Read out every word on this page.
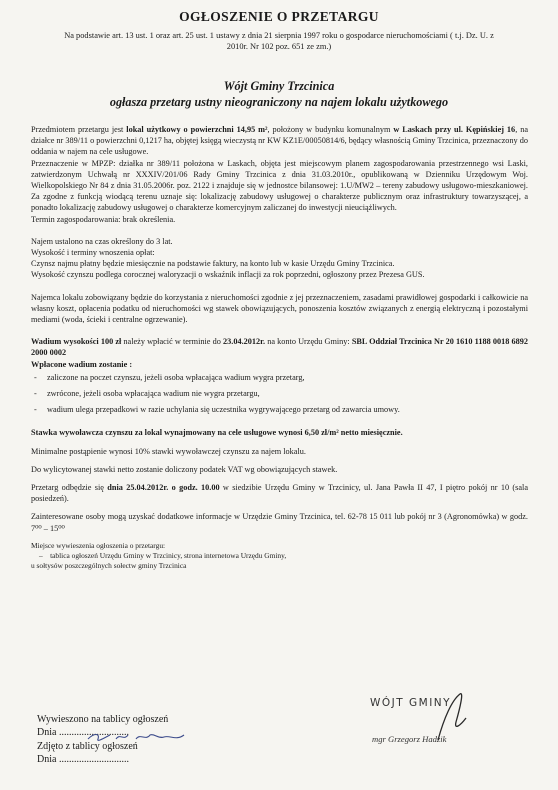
OGŁOSZENIE O PRZETARGU
Na podstawie art. 13 ust. 1 oraz art. 25 ust. 1 ustawy z dnia 21 sierpnia 1997 roku o gospodarce nieruchomościami ( t.j. Dz. U. z 2010r. Nr 102 poz. 651 ze zm.)
Wójt Gminy Trzcinica
ogłasza przetarg ustny nieograniczony na najem lokalu użytkowego

Przedmiotem przetargu jest lokal użytkowy o powierzchni 14,95 m², położony w budynku komunalnym w Laskach przy ul. Kępińskiej 16, na działce nr 389/11 o powierzchni 0,1217 ha, objętej księgą wieczystą nr KW KZ1E/00050814/6, będący własnością Gminy Trzcinica, przeznaczony do oddania w najem na cele usługowe.

Przeznaczenie w MPZP: działka nr 389/11 położona w Laskach, objęta jest miejscowym planem zagospodarowania przestrzennego wsi Laski, zatwierdzonym Uchwałą nr XXXIV/201/06 Rady Gminy Trzcinica z dnia 31.03.2010r., opublikowaną w Dzienniku Urzędowym Woj. Wielkopolskiego Nr 84 z dnia 31.05.2006r. poz. 2122 i znajduje się w jednostce bilansowej: 1.U/MW2 – tereny zabudowy usługowo-mieszkaniowej. Za zgodne z funkcją wiodącą terenu uznaje się: lokalizację zabudowy usługowej o charakterze publicznym oraz infrastruktury towarzyszącej, a ponadto lokalizację zabudowy usługowej o charakterze komercyjnym zaliczanej do inwestycji nieuciążliwych.

Termin zagospodarowania: brak określenia.

Najem ustalono na czas określony do 3 lat.

Wysokość i terminy wnoszenia opłat:

Czynsz najmu płatny będzie miesięcznie na podstawie faktury, na konto lub w kasie Urzędu Gminy Trzcinica.

Wysokość czynszu podlega corocznej waloryzacji o wskaźnik inflacji za rok poprzedni, ogłoszony przez Prezesa GUS.

Najemca lokalu zobowiązany będzie do korzystania z nieruchomości zgodnie z jej przeznaczeniem, zasadami prawidłowej gospodarki i całkowicie na własny koszt, opłacenia podatku od nieruchomości wg stawek obowiązujących, ponoszenia kosztów związanych z energią elektryczną i pozostałymi mediami (woda, ścieki i centralne ogrzewanie).

Wadium wysokości 100 zł należy wpłacić w terminie do 23.04.2012r. na konto Urzędu Gminy: SBL Oddział Trzcinica Nr 20 1610 1188 0018 6892 2000 0002

Wpłacone wadium zostanie :

- zaliczone na poczet czynszu, jeżeli osoba wpłacająca wadium wygra przetarg,
- zwrócone, jeżeli osoba wpłacająca wadium nie wygra przetargu,
- wadium ulega przepadkowi w razie uchylania się uczestnika wygrywającego przetarg od zawarcia umowy.

Stawka wywoławcza czynszu za lokal wynajmowany na cele usługowe wynosi 6,50 zł/m² netto miesięcznie.

Minimalne postąpienie wynosi 10% stawki wywoławczej czynszu za najem lokalu.

Do wylicytowanej stawki netto zostanie doliczony podatek VAT wg obowiązujących stawek.

Przetarg odbędzie się dnia 25.04.2012r. o godz. 10.00 w siedzibie Urzędu Gminy w Trzcinicy, ul. Jana Pawła II 47, I piętro pokój nr 10 (sala posiedzeń).

Zainteresowane osoby mogą uzyskać dodatkowe informacje w Urzędzie Gminy Trzcinica, tel. 62-78 15 011 lub pokój nr 3 (Agronomówka) w godz. 7⁰⁰ – 15⁰⁰

Miejsce wywieszenia ogłoszenia o przetargu:
–    tablica ogłoszeń Urzędu Gminy w Trzcinicy, strona internetowa Urzędu Gminy,
u sołtysów poszczególnych sołectw gminy Trzcinica
WÓJT GMINY
mgr Grzegorz Hadzik
Wywieszono na tablicy ogłoszeń
Dnia ............................
Zdjęto z tablicy ogłoszeń
Dnia ............................
